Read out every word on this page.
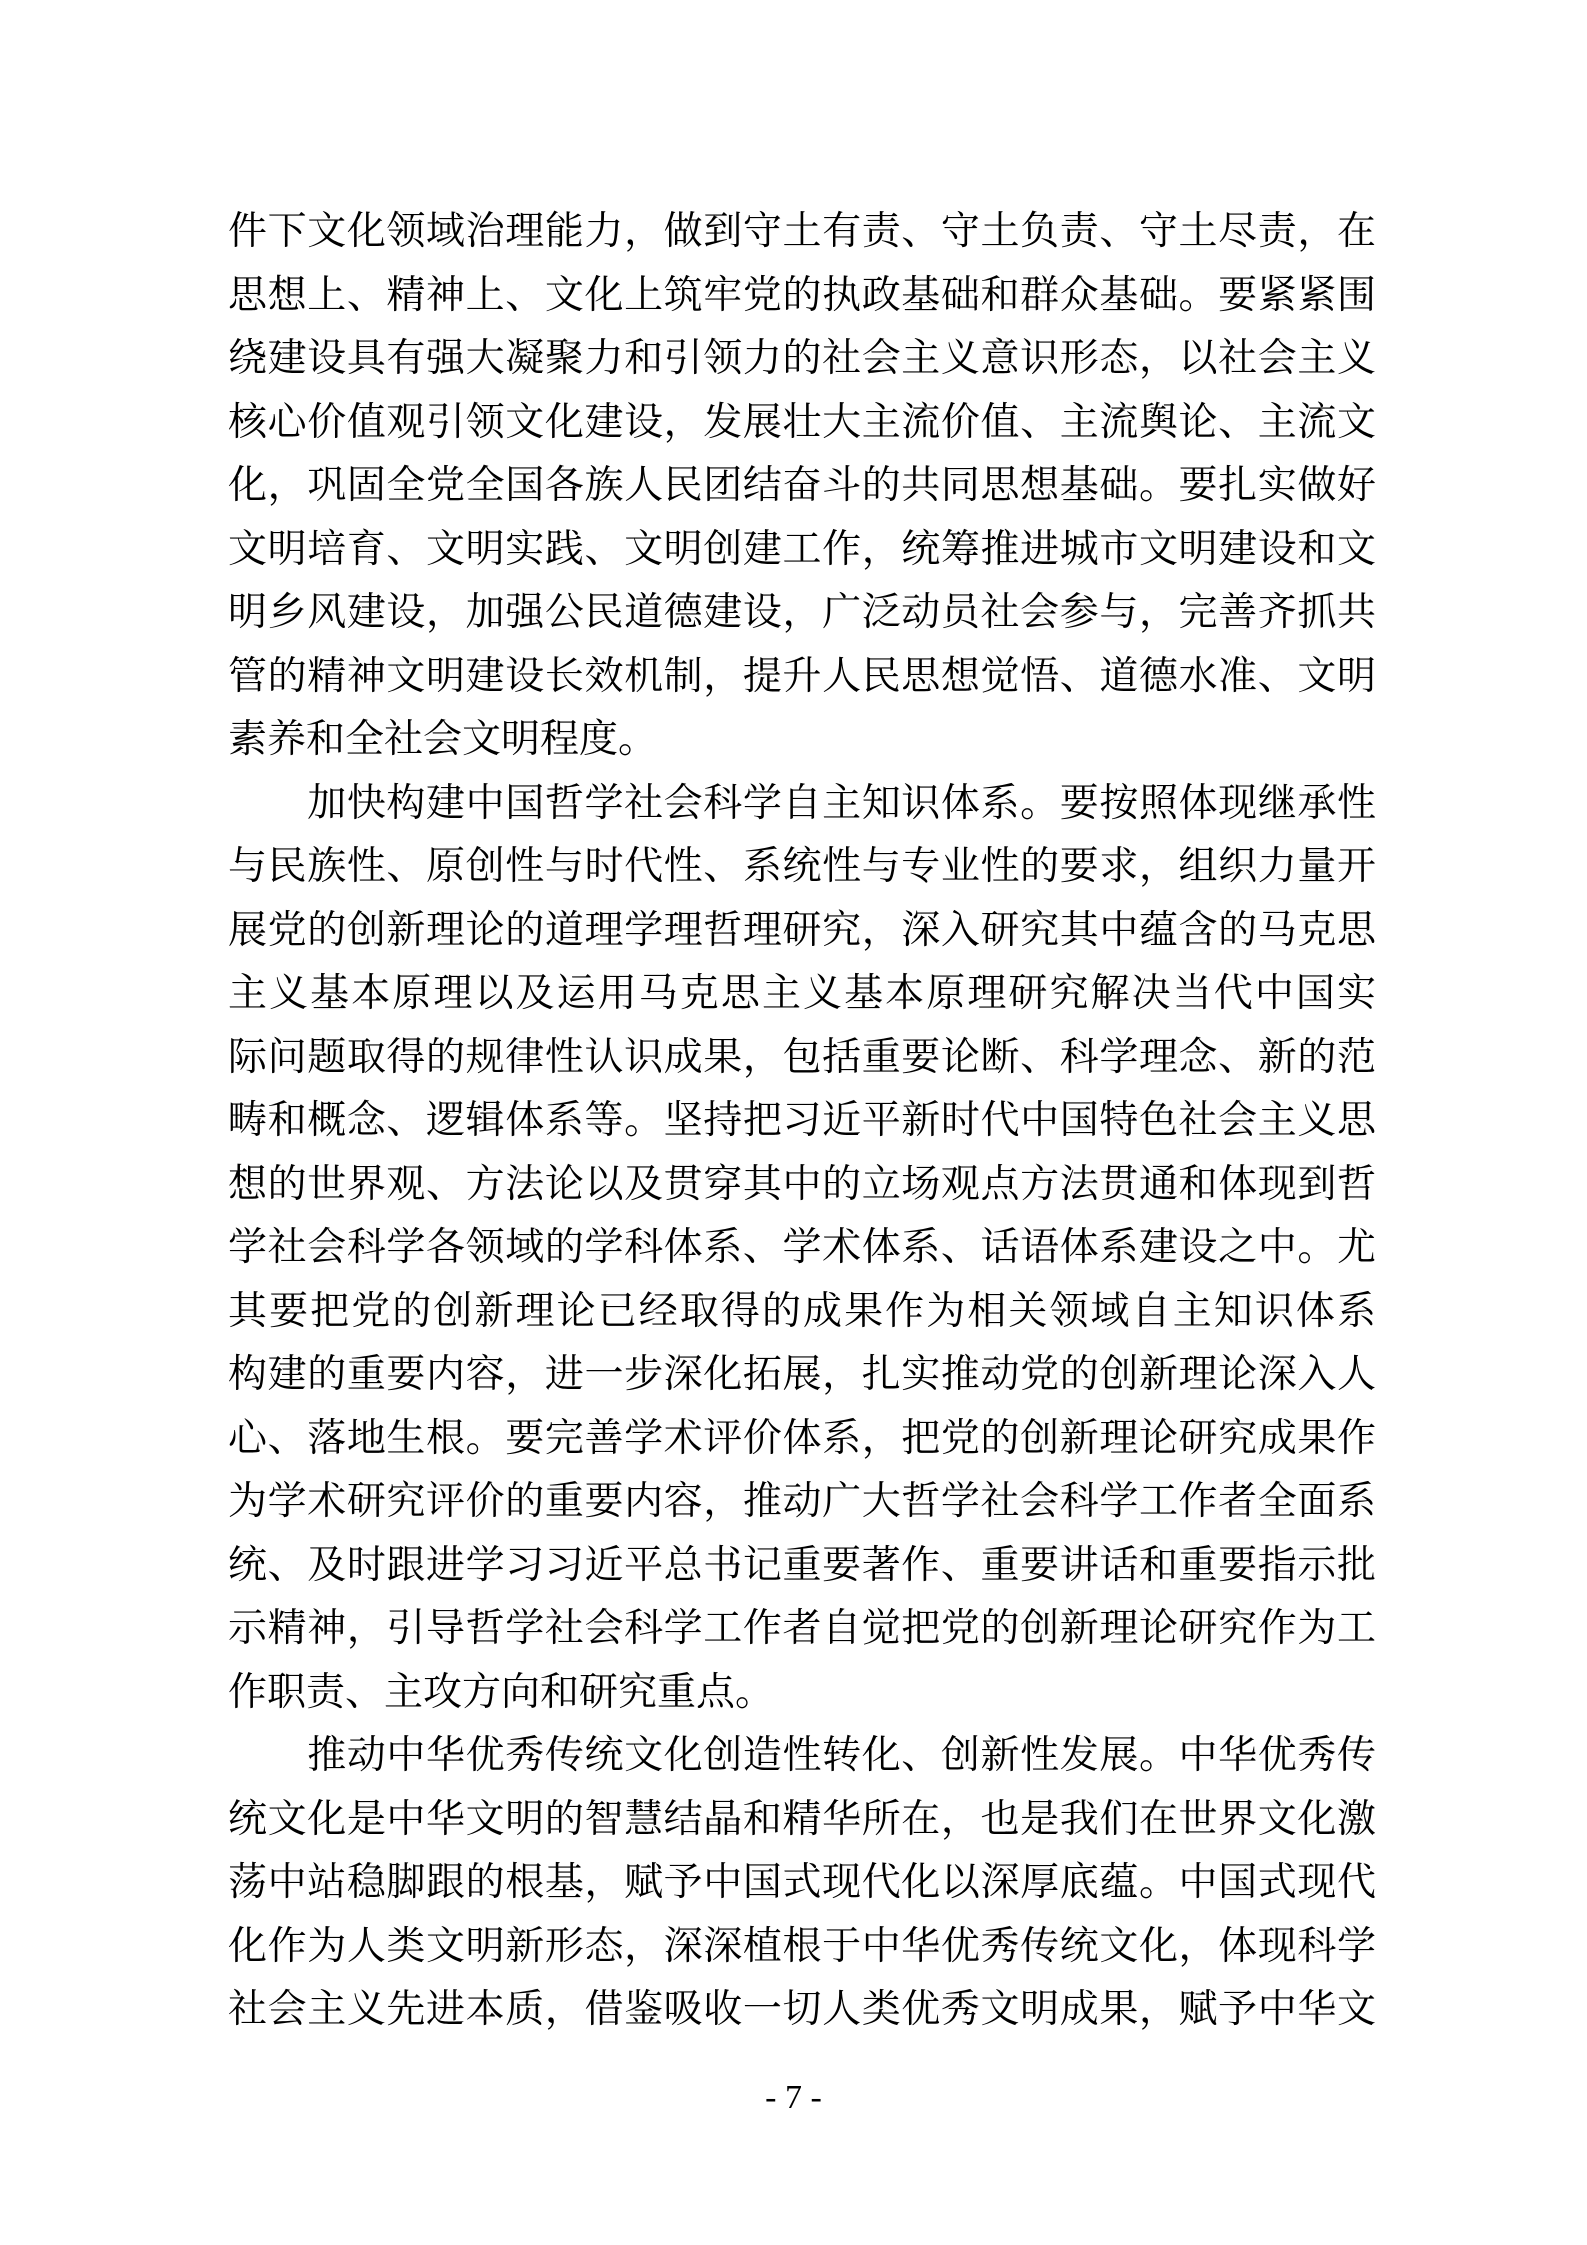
件下文化领域治理能力，做到守土有责、守土负责、守土尽责，在
思想上、精神上、文化上筑牢党的执政基础和群众基础。要紧紧围
绕建设具有强大凝聚力和引领力的社会主义意识形态，以社会主义
核心价值观引领文化建设，发展壮大主流价值、主流舆论、主流文
化，巩固全党全国各族人民团结奋斗的共同思想基础。要扎实做好
文明培育、文明实践、文明创建工作，统筹推进城市文明建设和文
明乡风建设，加强公民道德建设，广泛动员社会参与，完善齐抓共
管的精神文明建设长效机制，提升人民思想觉悟、道德水准、文明
素养和全社会文明程度。
　　加快构建中国哲学社会科学自主知识体系。要按照体现继承性
与民族性、原创性与时代性、系统性与专业性的要求，组织力量开
展党的创新理论的道理学理哲理研究，深入研究其中蕴含的马克思
主义基本原理以及运用马克思主义基本原理研究解决当代中国实
际问题取得的规律性认识成果，包括重要论断、科学理念、新的范
畴和概念、逻辑体系等。坚持把习近平新时代中国特色社会主义思
想的世界观、方法论以及贯穿其中的立场观点方法贯通和体现到哲
学社会科学各领域的学科体系、学术体系、话语体系建设之中。尤
其要把党的创新理论已经取得的成果作为相关领域自主知识体系
构建的重要内容，进一步深化拓展，扎实推动党的创新理论深入人
心、落地生根。要完善学术评价体系，把党的创新理论研究成果作
为学术研究评价的重要内容，推动广大哲学社会科学工作者全面系
统、及时跟进学习习近平总书记重要著作、重要讲话和重要指示批
示精神，引导哲学社会科学工作者自觉把党的创新理论研究作为工
作职责、主攻方向和研究重点。
　　推动中华优秀传统文化创造性转化、创新性发展。中华优秀传
统文化是中华文明的智慧结晶和精华所在，也是我们在世界文化激
荡中站稳脚跟的根基，赋予中国式现代化以深厚底蕴。中国式现代
化作为人类文明新形态，深深植根于中华优秀传统文化，体现科学
社会主义先进本质，借鉴吸收一切人类优秀文明成果，赋予中华文
- 7 -
